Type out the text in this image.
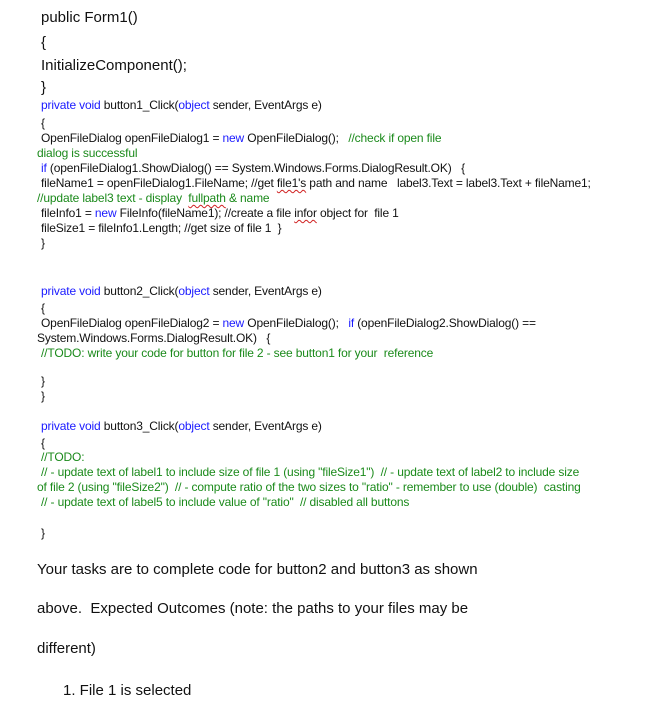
public Form1()
{
InitializeComponent();
}
private void button1_Click(object sender, EventArgs e)
{
OpenFileDialog openFileDialog1 = new OpenFileDialog();   //check if open file
dialog is successful
if (openFileDialog1.ShowDialog() == System.Windows.Forms.DialogResult.OK)   {
fileName1 = openFileDialog1.FileName; //get file1's path and name   label3.Text = label3.Text + fileName1;
//update label3 text - display  fullpath & name
fileInfo1 = new FileInfo(fileName1); //create a file infor object for  file 1
fileSize1 = fileInfo1.Length; //get size of file 1  }
}
private void button2_Click(object sender, EventArgs e)
{
OpenFileDialog openFileDialog2 = new OpenFileDialog();   if (openFileDialog2.ShowDialog() ==
System.Windows.Forms.DialogResult.OK)   {
//TODO: write your code for button for file 2 - see button1 for your  reference
}
}
private void button3_Click(object sender, EventArgs e)
{
//TODO:
// - update text of label1 to include size of file 1 (using "fileSize1")  // - update text of label2 to include size
of file 2 (using "fileSize2")  // - compute ratio of the two sizes to "ratio" - remember to use (double)  casting
// - update text of label5 to include value of "ratio"  // disabled all buttons
}
Your tasks are to complete code for button2 and button3 as shown
above.  Expected Outcomes (note: the paths to your files may be
different)
1. File 1 is selected
